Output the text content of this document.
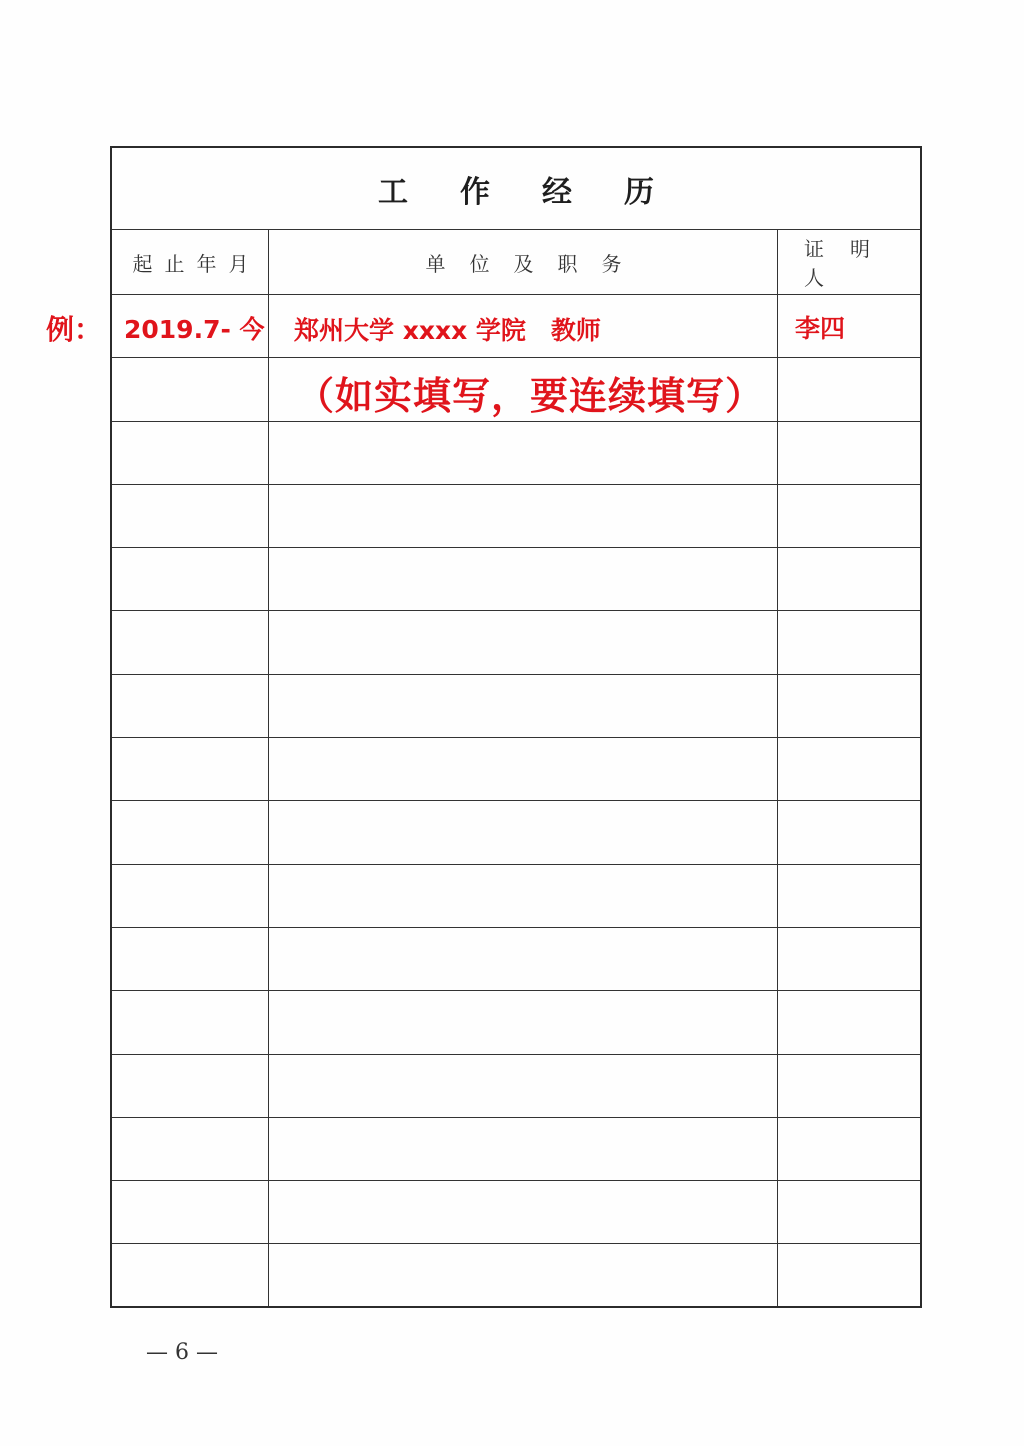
工作经历
起止年月	单位及职务
证明人
例： 2019.7- 今 郑州大学 xxxx 学院　教师	李四
（如实填写，要连续填写）
— 6 —
